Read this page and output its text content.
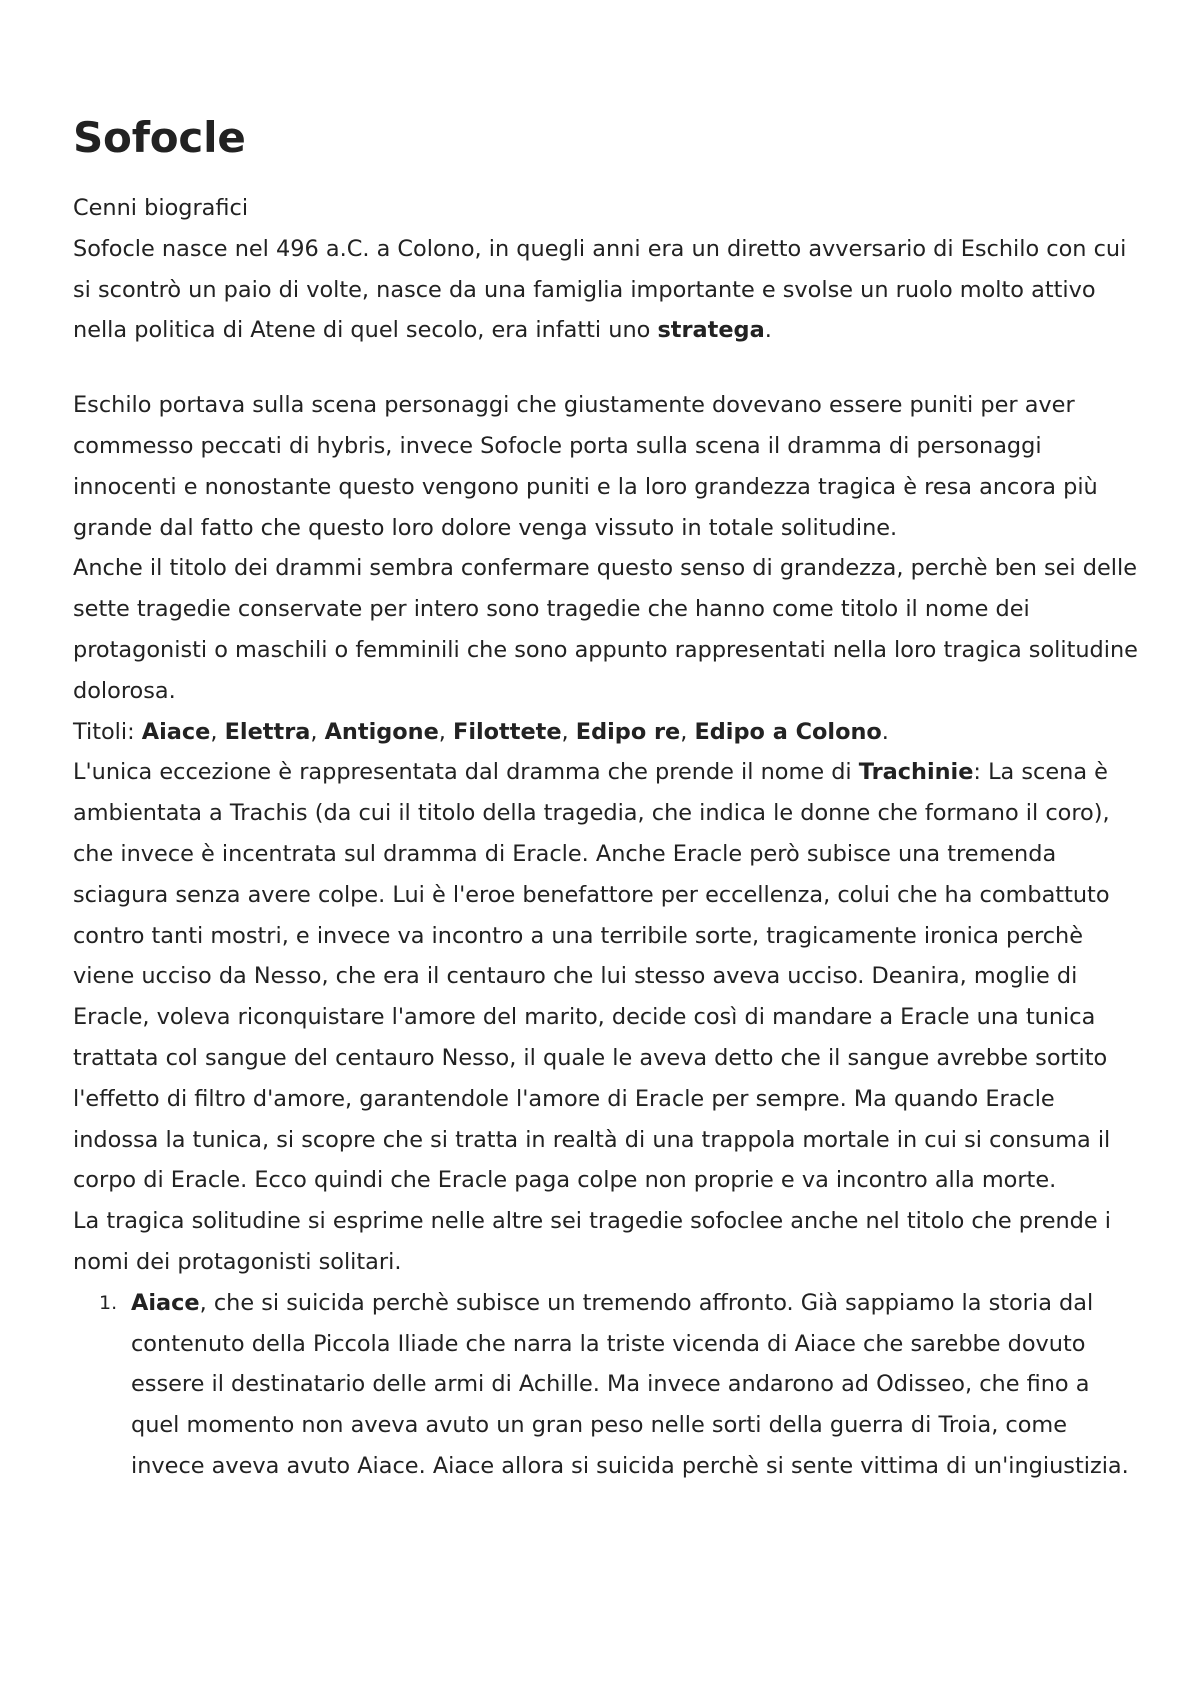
Sofocle

Cenni biografici

Sofocle nasce nel 496 a.C. a Colono, in quegli anni era un diretto avversario di Eschilo con cui si scontrò un paio di volte, nasce da una famiglia importante e svolse un ruolo molto attivo nella politica di Atene di quel secolo, era infatti uno stratega.

Eschilo portava sulla scena personaggi che giustamente dovevano essere puniti per aver commesso peccati di hybris, invece Sofocle porta sulla scena il dramma di personaggi innocenti e nonostante questo vengono puniti e la loro grandezza tragica è resa ancora più grande dal fatto che questo loro dolore venga vissuto in totale solitudine.

Anche il titolo dei drammi sembra confermare questo senso di grandezza, perchè ben sei delle sette tragedie conservate per intero sono tragedie che hanno come titolo il nome dei protagonisti o maschili o femminili che sono appunto rappresentati nella loro tragica solitudine dolorosa.

Titoli: Aiace, Elettra, Antigone, Filottete, Edipo re, Edipo a Colono.

L'unica eccezione è rappresentata dal dramma che prende il nome di Trachinie: La scena è ambientata a Trachis (da cui il titolo della tragedia, che indica le donne che formano il coro), che invece è incentrata sul dramma di Eracle. Anche Eracle però subisce una tremenda sciagura senza avere colpe. Lui è l'eroe benefattore per eccellenza, colui che ha combattuto contro tanti mostri, e invece va incontro a una terribile sorte, tragicamente ironica perchè viene ucciso da Nesso, che era il centauro che lui stesso aveva ucciso. Deanira, moglie di Eracle, voleva riconquistare l'amore del marito, decide così di mandare a Eracle una tunica trattata col sangue del centauro Nesso, il quale le aveva detto che il sangue avrebbe sortito l'effetto di filtro d'amore, garantendole l'amore di Eracle per sempre. Ma quando Eracle indossa la tunica, si scopre che si tratta in realtà di una trappola mortale in cui si consuma il corpo di Eracle. Ecco quindi che Eracle paga colpe non proprie e va incontro alla morte.

La tragica solitudine si esprime nelle altre sei tragedie sofoclee anche nel titolo che prende i nomi dei protagonisti solitari.

1. Aiace, che si suicida perchè subisce un tremendo affronto. Già sappiamo la storia dal contenuto della Piccola Iliade che narra la triste vicenda di Aiace che sarebbe dovuto essere il destinatario delle armi di Achille. Ma invece andarono ad Odisseo, che fino a quel momento non aveva avuto un gran peso nelle sorti della guerra di Troia, come invece aveva avuto Aiace. Aiace allora si suicida perchè si sente vittima di un'ingiustizia.
